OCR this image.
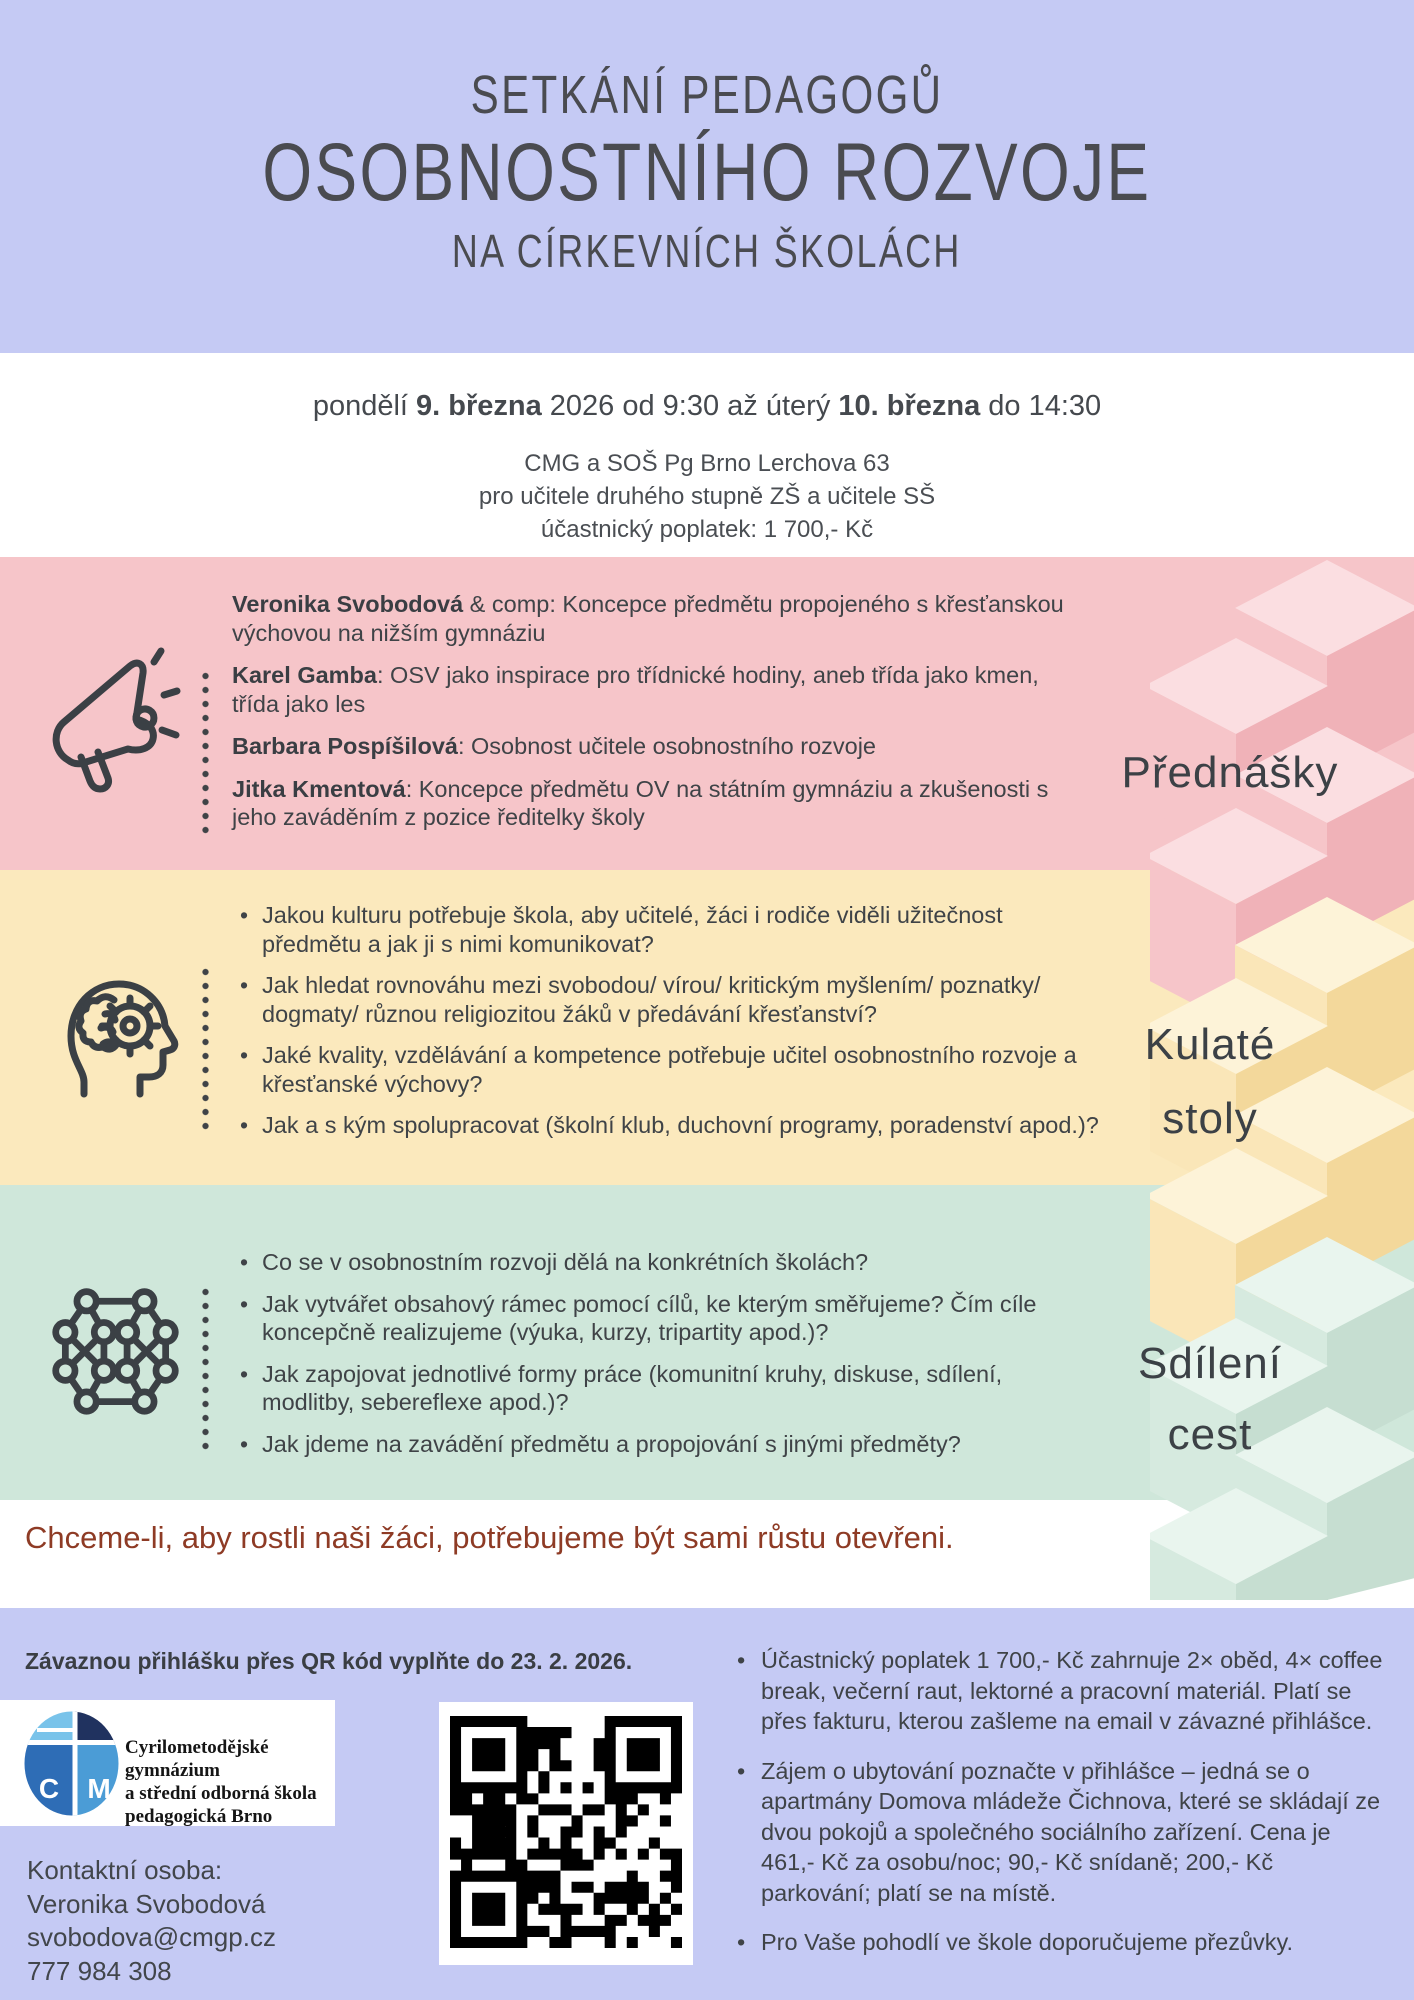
SETKÁNÍ PEDAGOGŮ
OSOBNOSTNÍHO ROZVOJE
NA CÍRKEVNÍCH ŠKOLÁCH
pondělí 9. března 2026 od 9:30 až úterý 10. března do 14:30
CMG a SOŠ Pg Brno Lerchova 63
pro učitele druhého stupně ZŠ a učitele SŠ
účastnický poplatek: 1 700,- Kč

Veronika Svobodová & comp: Koncepce předmětu propojeného s křesťanskou výchovou na nižším gymnáziu

Karel Gamba: OSV jako inspirace pro třídnické hodiny, aneb třída jako kmen, třída jako les

Barbara Pospíšilová: Osobnost učitele osobnostního rozvoje

Jitka Kmentová: Koncepce předmětu OV na státním gymnáziu a zkušenosti s jeho zaváděním z pozice ředitelky školy

• Jakou kulturu potřebuje škola, aby učitelé, žáci i rodiče viděli užitečnost předmětu a jak ji s nimi komunikovat?
• Jak hledat rovnováhu mezi svobodou/ vírou/ kritickým myšlením/ poznatky/ dogmaty/ různou religiozitou žáků v předávání křesťanství?
• Jaké kvality, vzdělávání a kompetence potřebuje učitel osobnostního rozvoje a křesťanské výchovy?
• Jak a s kým spolupracovat (školní klub, duchovní programy, poradenství apod.)?
• Co se v osobnostním rozvoji dělá na konkrétních školách?
• Jak vytvářet obsahový rámec pomocí cílů, ke kterým směřujeme? Čím cíle koncepčně realizujeme (výuka, kurzy, tripartity apod.)?
• Jak zapojovat jednotlivé formy práce (komunitní kruhy, diskuse, sdílení, modlitby, sebereflexe apod.)?
• Jak jdeme na zavádění předmětu a propojování s jinými předměty?
Přednášky
Kulaté
stoly
Sdílení
cest
Chceme-li, aby rostli naši žáci, potřebujeme být sami růstu otevřeni.
Závaznou přihlášku přes QR kód vyplňte do 23. 2. 2026.
C M
Cyrilometodějské gymnázium
a střední odborná škola
pedagogická Brno
Kontaktní osoba:
Veronika Svobodová
svobodova@cmgp.cz
777 984 308
• Účastnický poplatek 1 700,- Kč zahrnuje 2× oběd, 4× coffee break, večerní raut, lektorné a pracovní materiál. Platí se přes fakturu, kterou zašleme na email v závazné přihlášce.
• Zájem o ubytování poznačte v přihlášce – jedná se o apartmány Domova mládeže Čichnova, které se skládají ze dvou pokojů a společného sociálního zařízení. Cena je 461,- Kč za osobu/noc; 90,- Kč snídaně; 200,- Kč parkování; platí se na místě.
• Pro Vaše pohodlí ve škole doporučujeme přezůvky.
